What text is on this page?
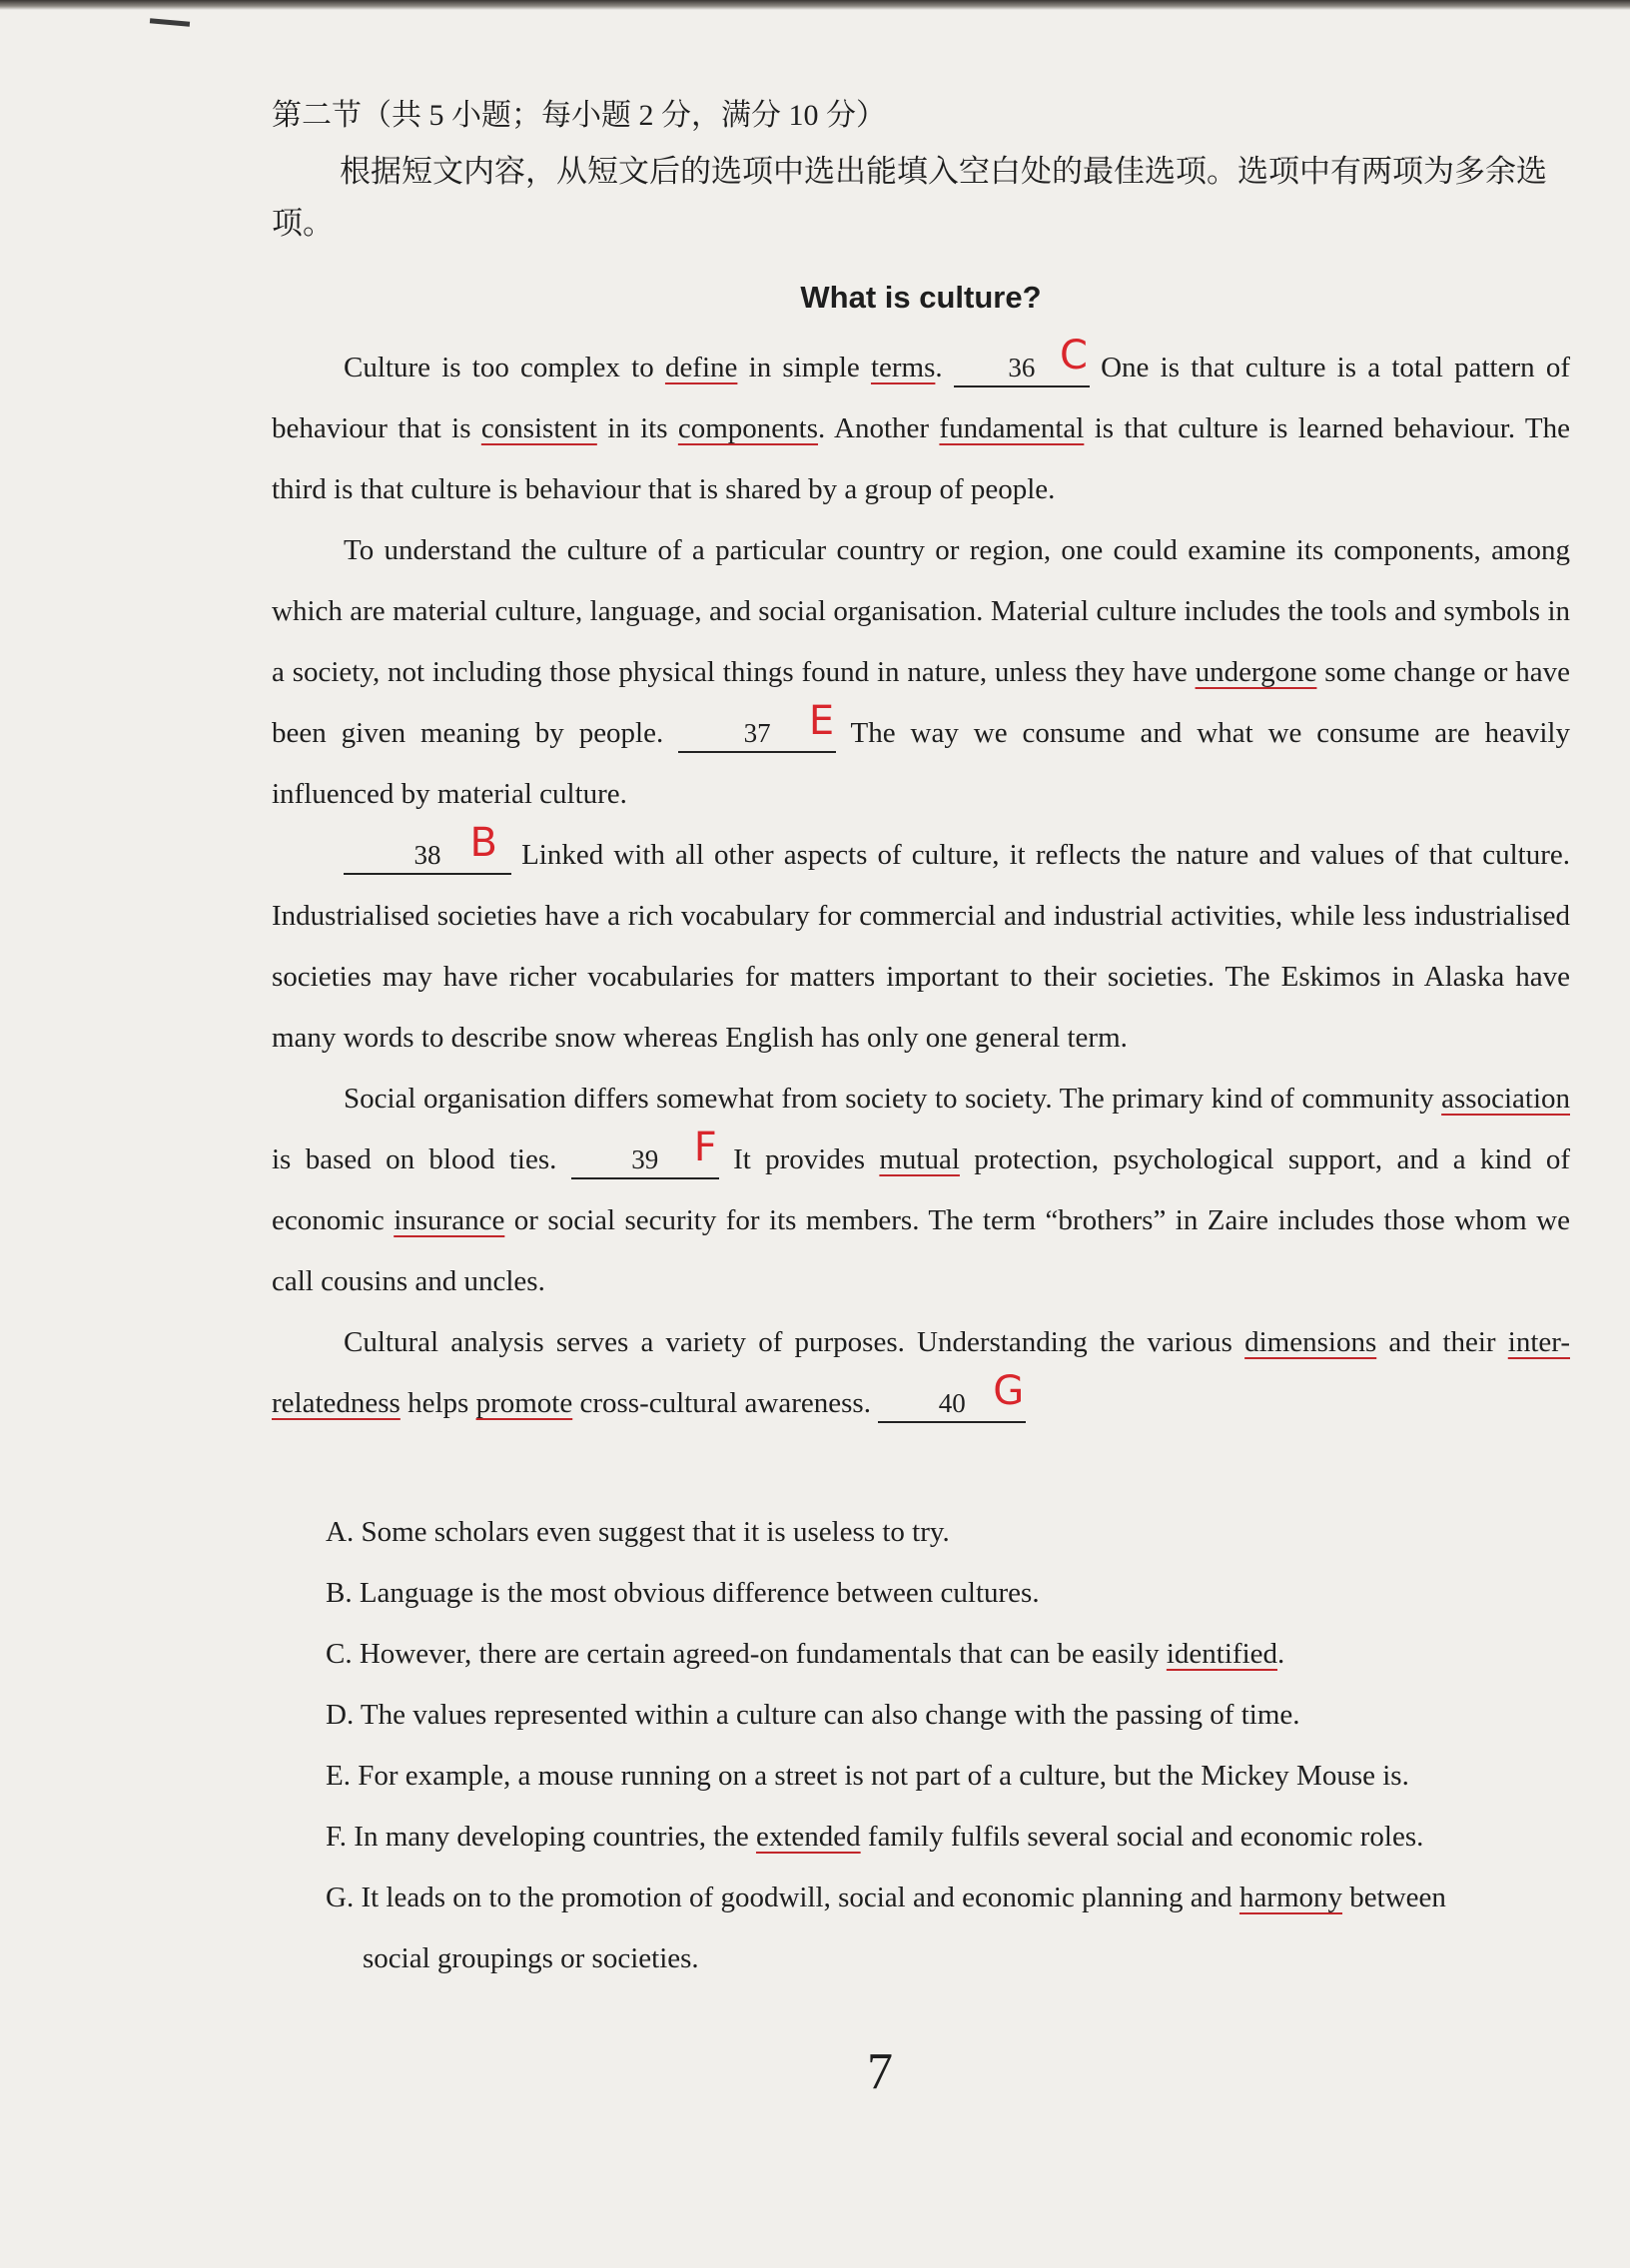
第二节（共 5 小题；每小题 2 分，满分 10 分）

根据短文内容，从短文后的选项中选出能填入空白处的最佳选项。选项中有两项为多余选项。

What is culture?

Culture is too complex to define in simple terms. 36 C One is that culture is a total pattern of behaviour that is consistent in its components. Another fundamental is that culture is learned behaviour. The third is that culture is behaviour that is shared by a group of people.

To understand the culture of a particular country or region, one could examine its components, among which are material culture, language, and social organisation. Material culture includes the tools and symbols in a society, not including those physical things found in nature, unless they have undergone some change or have been given meaning by people. 37 E The way we consume and what we consume are heavily influenced by material culture.

38 B Linked with all other aspects of culture, it reflects the nature and values of that culture. Industrialised societies have a rich vocabulary for commercial and industrial activities, while less industrialised societies may have richer vocabularies for matters important to their societies. The Eskimos in Alaska have many words to describe snow whereas English has only one general term.

Social organisation differs somewhat from society to society. The primary kind of community association is based on blood ties. 39 F It provides mutual protection, psychological support, and a kind of economic insurance or social security for its members. The term “brothers” in Zaire includes those whom we call cousins and uncles.

Cultural analysis serves a variety of purposes. Understanding the various dimensions and their inter-relatedness helps promote cross-cultural awareness. 40 G

A. Some scholars even suggest that it is useless to try.
B. Language is the most obvious difference between cultures.
C. However, there are certain agreed-on fundamentals that can be easily identified.
D. The values represented within a culture can also change with the passing of time.
E. For example, a mouse running on a street is not part of a culture, but the Mickey Mouse is.
F. In many developing countries, the extended family fulfils several social and economic roles.
G. It leads on to the promotion of goodwill, social and economic planning and harmony between
social groupings or societies.
7
